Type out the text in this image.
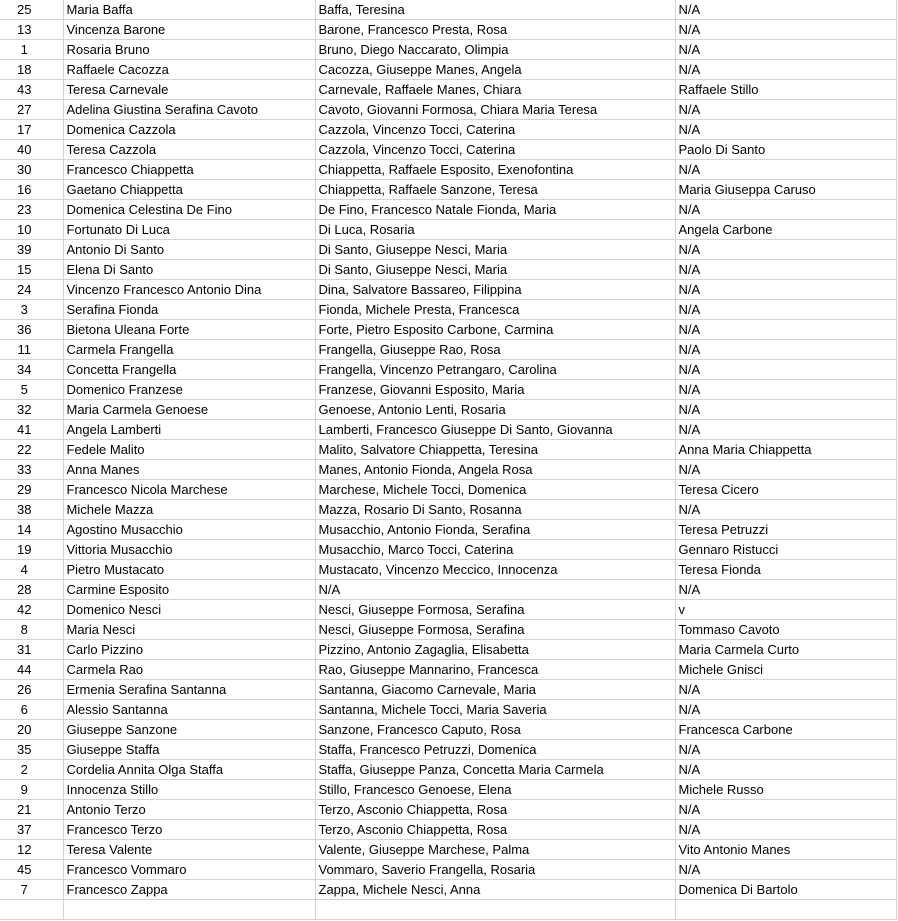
25	Maria Baffa	Baffa, Teresina	N/A
13	Vincenza Barone	Barone, Francesco Presta, Rosa	N/A
1	Rosaria Bruno	Bruno, Diego Naccarato, Olimpia	N/A
18	Raffaele Cacozza	Cacozza, Giuseppe Manes, Angela	N/A
43	Teresa Carnevale	Carnevale, Raffaele Manes, Chiara	Raffaele Stillo
27	Adelina Giustina Serafina Cavoto	Cavoto, Giovanni Formosa, Chiara Maria Teresa	N/A
17	Domenica Cazzola	Cazzola, Vincenzo Tocci, Caterina	N/A
40	Teresa Cazzola	Cazzola, Vincenzo Tocci, Caterina	Paolo Di Santo
30	Francesco Chiappetta	Chiappetta, Raffaele Esposito, Exenofontina	N/A
16	Gaetano Chiappetta	Chiappetta, Raffaele Sanzone, Teresa	Maria Giuseppa Caruso
23	Domenica Celestina De Fino	De Fino, Francesco Natale Fionda, Maria	N/A
10	Fortunato Di Luca	Di Luca, Rosaria	Angela Carbone
39	Antonio Di Santo	Di Santo, Giuseppe Nesci, Maria	N/A
15	Elena Di Santo	Di Santo, Giuseppe Nesci, Maria	N/A
24	Vincenzo Francesco Antonio Dina	Dina, Salvatore Bassareo, Filippina	N/A
3	Serafina Fionda	Fionda, Michele Presta, Francesca	N/A
36	Bietona Uleana Forte	Forte, Pietro Esposito Carbone, Carmina	N/A
11	Carmela Frangella	Frangella, Giuseppe Rao, Rosa	N/A
34	Concetta Frangella	Frangella, Vincenzo Petrangaro, Carolina	N/A
5	Domenico Franzese	Franzese, Giovanni Esposito, Maria	N/A
32	Maria Carmela Genoese	Genoese, Antonio Lenti, Rosaria	N/A
41	Angela Lamberti	Lamberti, Francesco Giuseppe Di Santo, Giovanna	N/A
22	Fedele Malito	Malito, Salvatore Chiappetta, Teresina	Anna Maria Chiappetta
33	Anna Manes	Manes, Antonio Fionda, Angela Rosa	N/A
29	Francesco Nicola Marchese	Marchese, Michele Tocci, Domenica	Teresa Cicero
38	Michele Mazza	Mazza, Rosario Di Santo, Rosanna	N/A
14	Agostino Musacchio	Musacchio, Antonio Fionda, Serafina	Teresa Petruzzi
19	Vittoria Musacchio	Musacchio, Marco Tocci, Caterina	Gennaro Ristucci
4	Pietro Mustacato	Mustacato, Vincenzo Meccico, Innocenza	Teresa Fionda
28	Carmine Esposito	N/A	N/A
42	Domenico Nesci	Nesci, Giuseppe Formosa, Serafina	v
8	Maria Nesci	Nesci, Giuseppe Formosa, Serafina	Tommaso Cavoto
31	Carlo Pizzino	Pizzino, Antonio Zagaglia, Elisabetta	Maria Carmela Curto
44	Carmela Rao	Rao, Giuseppe Mannarino, Francesca	Michele Gnisci
26	Ermenia Serafina Santanna	Santanna, Giacomo Carnevale, Maria	N/A
6	Alessio Santanna	Santanna, Michele Tocci, Maria Saveria	N/A
20	Giuseppe Sanzone	Sanzone, Francesco Caputo, Rosa	Francesca Carbone
35	Giuseppe Staffa	Staffa, Francesco Petruzzi, Domenica	N/A
2	Cordelia Annita Olga Staffa	Staffa, Giuseppe Panza, Concetta Maria Carmela	N/A
9	Innocenza Stillo	Stillo, Francesco Genoese, Elena	Michele Russo
21	Antonio Terzo	Terzo, Asconio Chiappetta, Rosa	N/A
37	Francesco Terzo	Terzo, Asconio Chiappetta, Rosa	N/A
12	Teresa Valente	Valente, Giuseppe Marchese, Palma	Vito Antonio Manes
45	Francesco Vommaro	Vommaro, Saverio Frangella, Rosaria	N/A
7	Francesco Zappa	Zappa, Michele Nesci, Anna	Domenica Di Bartolo
